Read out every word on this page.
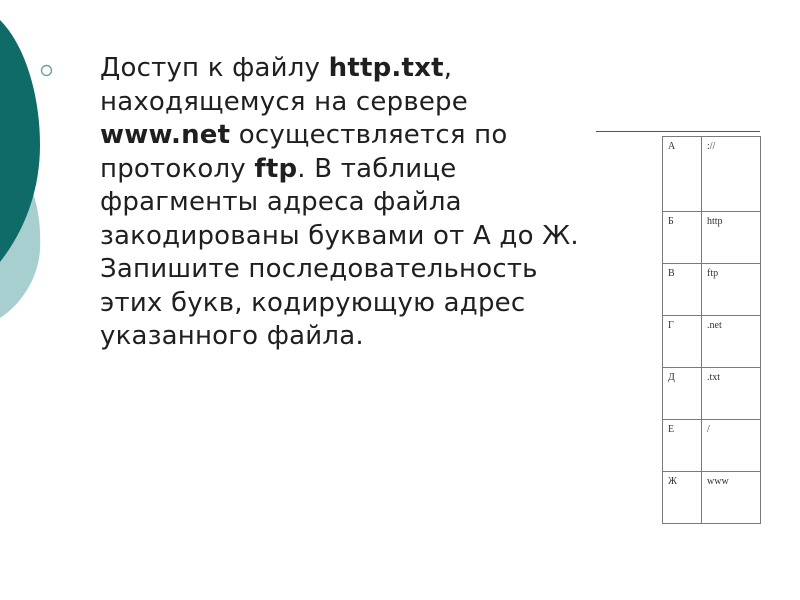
Доступ к файлу http.txt, находящемуся на сервере www.net осуществляется по протоколу ftp. В таблице фрагменты адреса файла закодированы буквами от А до Ж. Запишите последовательность этих букв, кодирующую адрес указанного файла.
А	://
Б	http
В	ftp
Г	.net
Д	.txt
Е	/
Ж	www
